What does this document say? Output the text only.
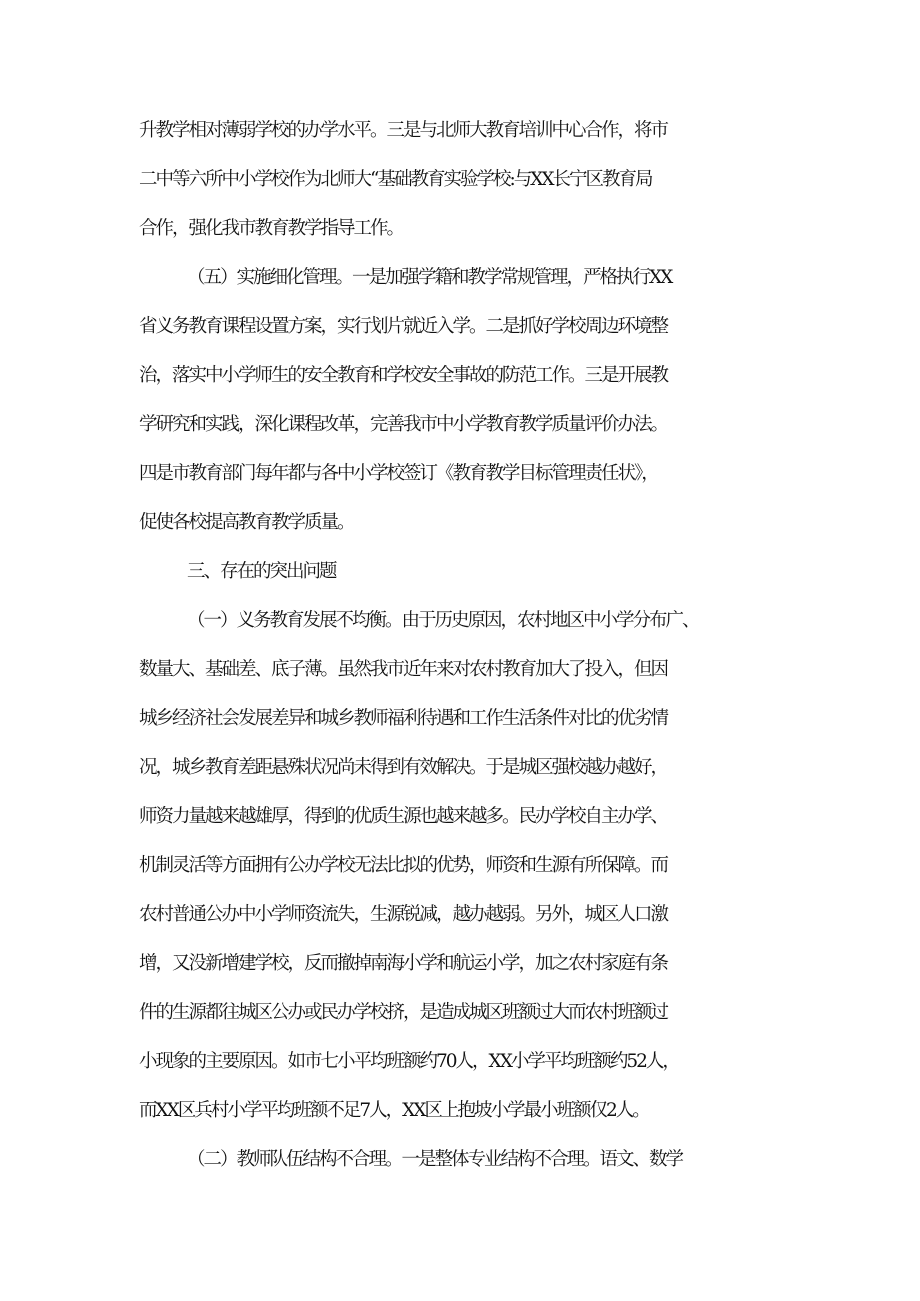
升教学相对薄弱学校的办学水平。三是与北师大教育培训中心合作，将市
二中等六所中小学校作为北师大“基础教育实验学校:与XX长宁区教育局
合作，强化我市教育教学指导工作。
（五）实施细化管理。一是加强学籍和教学常规管理，严格执行XX
省义务教育课程设置方案，实行划片就近入学。二是抓好学校周边环境整
治，落实中小学师生的安全教育和学校安全事故的防范工作。三是开展教
学研究和实践，深化课程改革，完善我市中小学教育教学质量评价办法。
四是市教育部门每年都与各中小学校签订《教育教学目标管理责任状》，
促使各校提高教育教学质量。
三、存在的突出问题
（一）义务教育发展不均衡。由于历史原因，农村地区中小学分布广、
数量大、基础差、底子薄。虽然我市近年来对农村教育加大了投入，但因
城乡经济社会发展差异和城乡教师福利待遇和工作生活条件对比的优劣情
况，城乡教育差距悬殊状况尚未得到有效解决。于是城区强校越办越好，
师资力量越来越雄厚，得到的优质生源也越来越多。民办学校自主办学、
机制灵活等方面拥有公办学校无法比拟的优势，师资和生源有所保障。而
农村普通公办中小学师资流失，生源锐减，越办越弱。另外，城区人口激
增，又没新增建学校，反而撤掉南海小学和航运小学，加之农村家庭有条
件的生源都往城区公办或民办学校挤，是造成城区班额过大而农村班额过
小现象的主要原因。如市七小平均班额约70人，XX小学平均班额约52人，
而XX区兵村小学平均班额不足7人，XX区上抱坡小学最小班额仅2人。
（二）教师队伍结构不合理。一是整体专业结构不合理。语文、数学
